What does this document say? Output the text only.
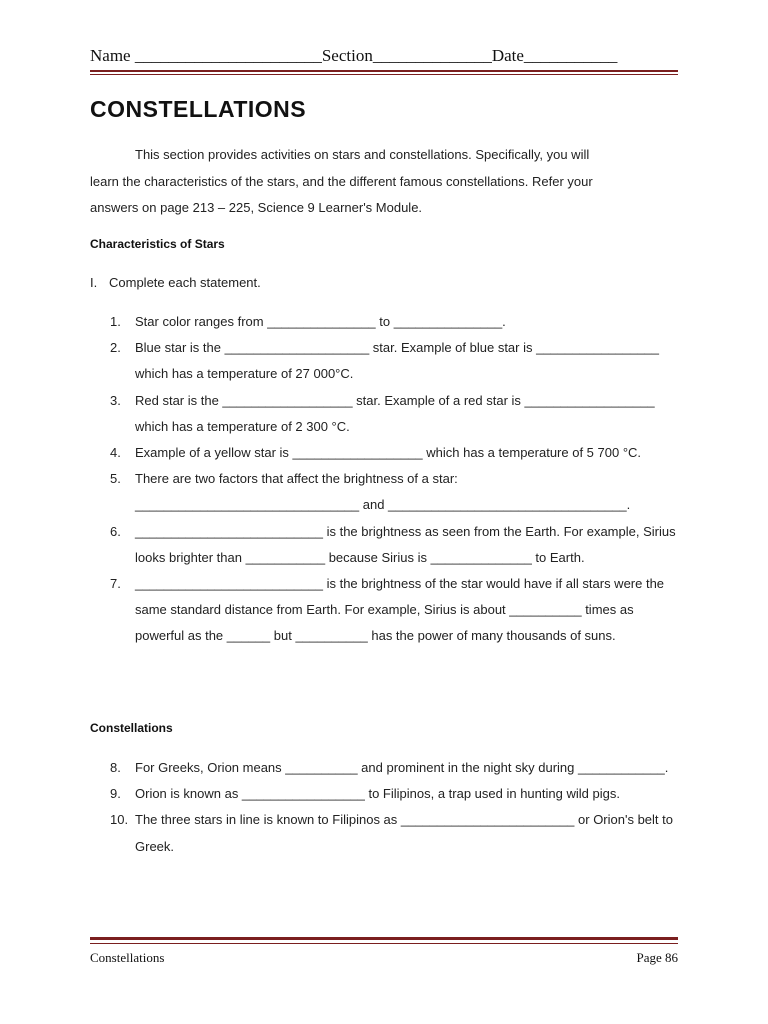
Name ______________________Section______________Date___________
CONSTELLATIONS
This section provides activities on stars and constellations. Specifically, you will
learn the characteristics of the stars, and the different famous constellations. Refer your
answers on page 213 – 225, Science 9 Learner's Module.
Characteristics of Stars
I. Complete each statement.
1.	Star color ranges from _______________ to _______________.
2.	Blue star is the ____________________ star. Example of blue star is _________________ which has a temperature of 27 000°C.
3.	Red star is the __________________ star. Example of a red star is __________________ which has a temperature of 2 300 °C.
4.	Example of a yellow star is __________________ which has a temperature of 5 700 °C.
5.	There are two factors that affect the brightness of a star: _______________________________ and _________________________________.
6.	__________________________ is the brightness as seen from the Earth. For example, Sirius looks brighter than ___________ because Sirius is ______________ to Earth.
7.	__________________________ is the brightness of the star would have if all stars were the same standard distance from Earth. For example, Sirius is about __________ times as powerful as the ______ but __________ has the power of many thousands of suns.
Constellations
8.	For Greeks, Orion means __________ and prominent in the night sky during ____________.
9.	Orion is known as _________________ to Filipinos, a trap used in hunting wild pigs.
10. The three stars in line is known to Filipinos as ________________________ or Orion's belt to Greek.
Constellations	Page 86
